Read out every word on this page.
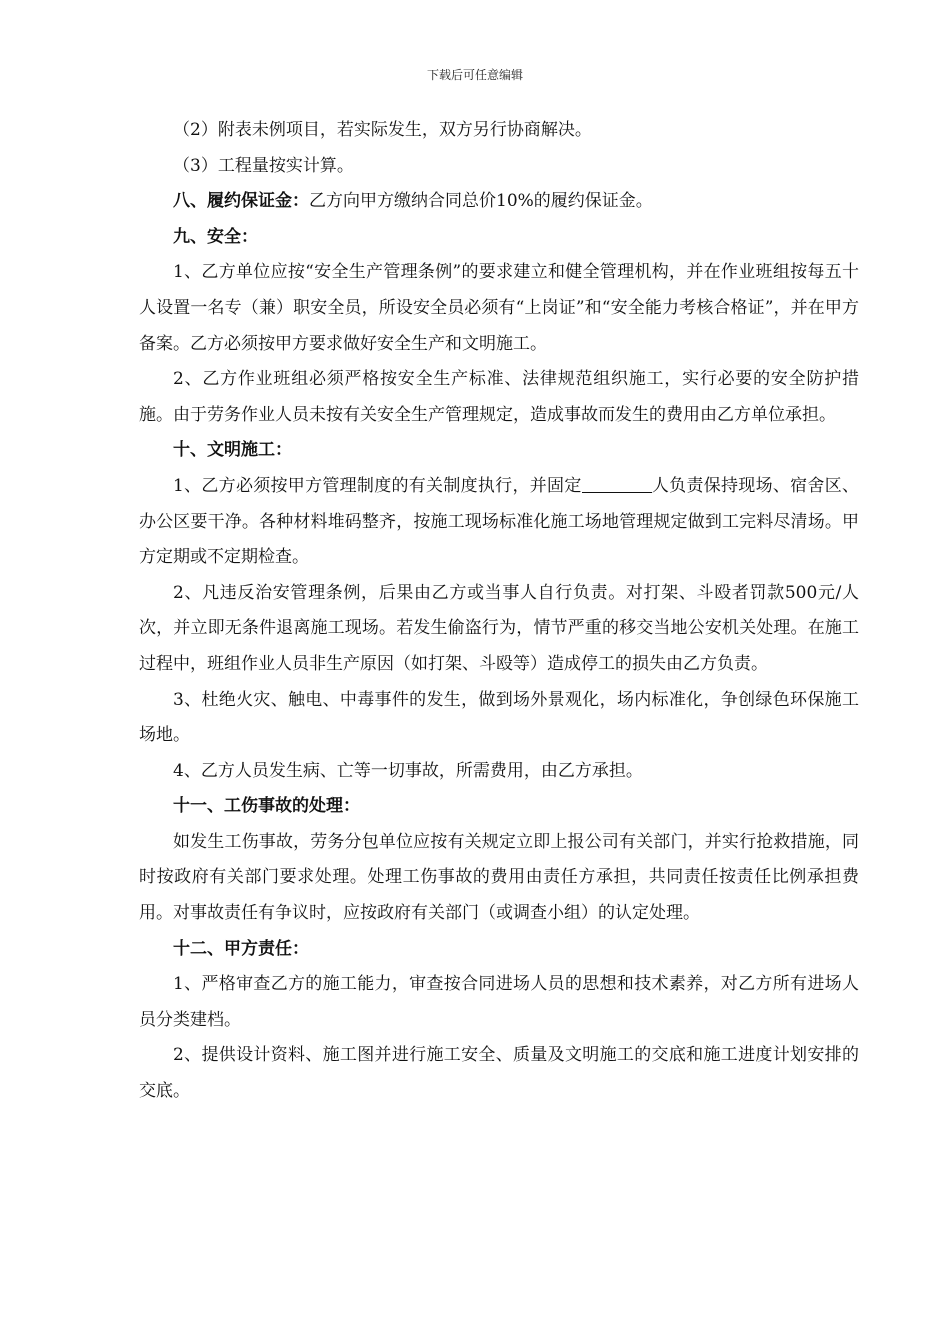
下载后可任意编辑

（2）附表未例项目，若实际发生，双方另行协商解决。

（3）工程量按实计算。

八、履约保证金：乙方向甲方缴纳合同总价10%的履约保证金。

九、安全：

1、乙方单位应按“安全生产管理条例”的要求建立和健全管理机构，并在作业班组按每五十人设置一名专（兼）职安全员，所设安全员必须有“上岗证”和“安全能力考核合格证”，并在甲方备案。乙方必须按甲方要求做好安全生产和文明施工。

2、乙方作业班组必须严格按安全生产标准、法律规范组织施工，实行必要的安全防护措施。由于劳务作业人员未按有关安全生产管理规定，造成事故而发生的费用由乙方单位承担。

十、文明施工：

1、乙方必须按甲方管理制度的有关制度执行，并固定	人负责保持现场、宿舍区、办公区要干净。各种材料堆码整齐，按施工现场标准化施工场地管理规定做到工完料尽清场。甲方定期或不定期检查。

2、凡违反治安管理条例，后果由乙方或当事人自行负责。对打架、斗殴者罚款500元/人次，并立即无条件退离施工现场。若发生偷盗行为，情节严重的移交当地公安机关处理。在施工过程中，班组作业人员非生产原因（如打架、斗殴等）造成停工的损失由乙方负责。

3、杜绝火灾、触电、中毒事件的发生，做到场外景观化，场内标准化，争创绿色环保施工场地。

4、乙方人员发生病、亡等一切事故，所需费用，由乙方承担。

十一、工伤事故的处理：

如发生工伤事故，劳务分包单位应按有关规定立即上报公司有关部门，并实行抢救措施，同时按政府有关部门要求处理。处理工伤事故的费用由责任方承担，共同责任按责任比例承担费用。对事故责任有争议时，应按政府有关部门（或调查小组）的认定处理。

十二、甲方责任：

1、严格审查乙方的施工能力，审查按合同进场人员的思想和技术素养，对乙方所有进场人员分类建档。

2、提供设计资料、施工图并进行施工安全、质量及文明施工的交底和施工进度计划安排的交底。
